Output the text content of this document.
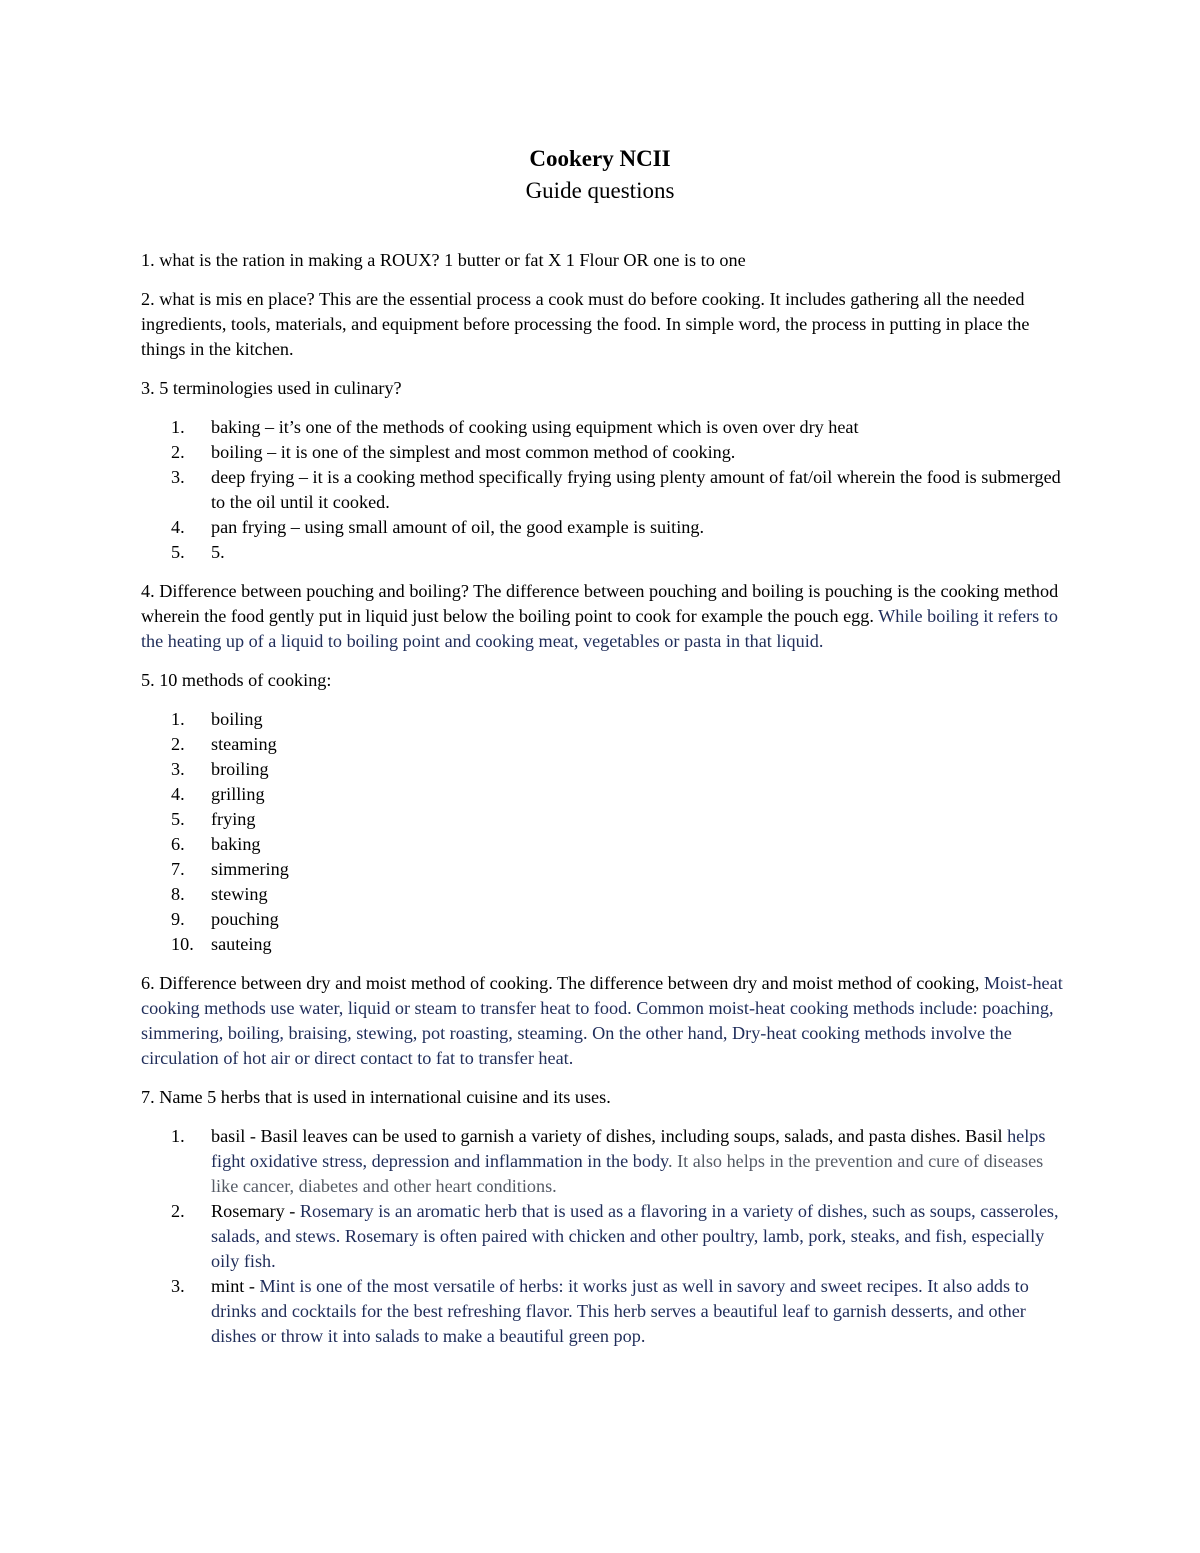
Cookery NCII
Guide questions

1. what is the ration in making a ROUX? 1 butter or fat X 1 Flour OR one is to one

2. what is mis en place? This are the essential process a cook must do before cooking. It includes gathering all the needed ingredients, tools, materials, and equipment before processing the food. In simple word, the process in putting in place the things in the kitchen.

3. 5 terminologies used in culinary?

1.	baking – it’s one of the methods of cooking using equipment which is oven over dry heat
2.	boiling – it is one of the simplest and most common method of cooking.
3.	deep frying – it is a cooking method specifically frying using plenty amount of fat/oil wherein the food is submerged to the oil until it cooked.
4.	pan frying – using small amount of oil, the good example is suiting.
5.	5.

4. Difference between pouching and boiling? The difference between pouching and boiling is pouching is the cooking method wherein the food gently put in liquid just below the boiling point to cook for example the pouch egg. While boiling it refers to the heating up of a liquid to boiling point and cooking meat, vegetables or pasta in that liquid.

5. 10 methods of cooking:

1.	boiling
2.	steaming
3.	broiling
4.	grilling
5.	frying
6.	baking
7.	simmering
8.	stewing
9.	pouching
10. sauteing

6. Difference between dry and moist method of cooking. The difference between dry and moist method of cooking, Moist-heat cooking methods use water, liquid or steam to transfer heat to food. Common moist-heat cooking methods include: poaching, simmering, boiling, braising, stewing, pot roasting, steaming. On the other hand, Dry-heat cooking methods involve the circulation of hot air or direct contact to fat to transfer heat.

7. Name 5 herbs that is used in international cuisine and its uses.

1.	basil - Basil leaves can be used to garnish a variety of dishes, including soups, salads, and pasta dishes. Basil helps fight oxidative stress, depression and inflammation in the body. It also helps in the prevention and cure of diseases like cancer, diabetes and other heart conditions.
2.	Rosemary - Rosemary is an aromatic herb that is used as a flavoring in a variety of dishes, such as soups, casseroles, salads, and stews. Rosemary is often paired with chicken and other poultry, lamb, pork, steaks, and fish, especially oily fish.
3.	mint - Mint is one of the most versatile of herbs: it works just as well in savory and sweet recipes. It also adds to drinks and cocktails for the best refreshing flavor. This herb serves a beautiful leaf to garnish desserts, and other dishes or throw it into salads to make a beautiful green pop.
